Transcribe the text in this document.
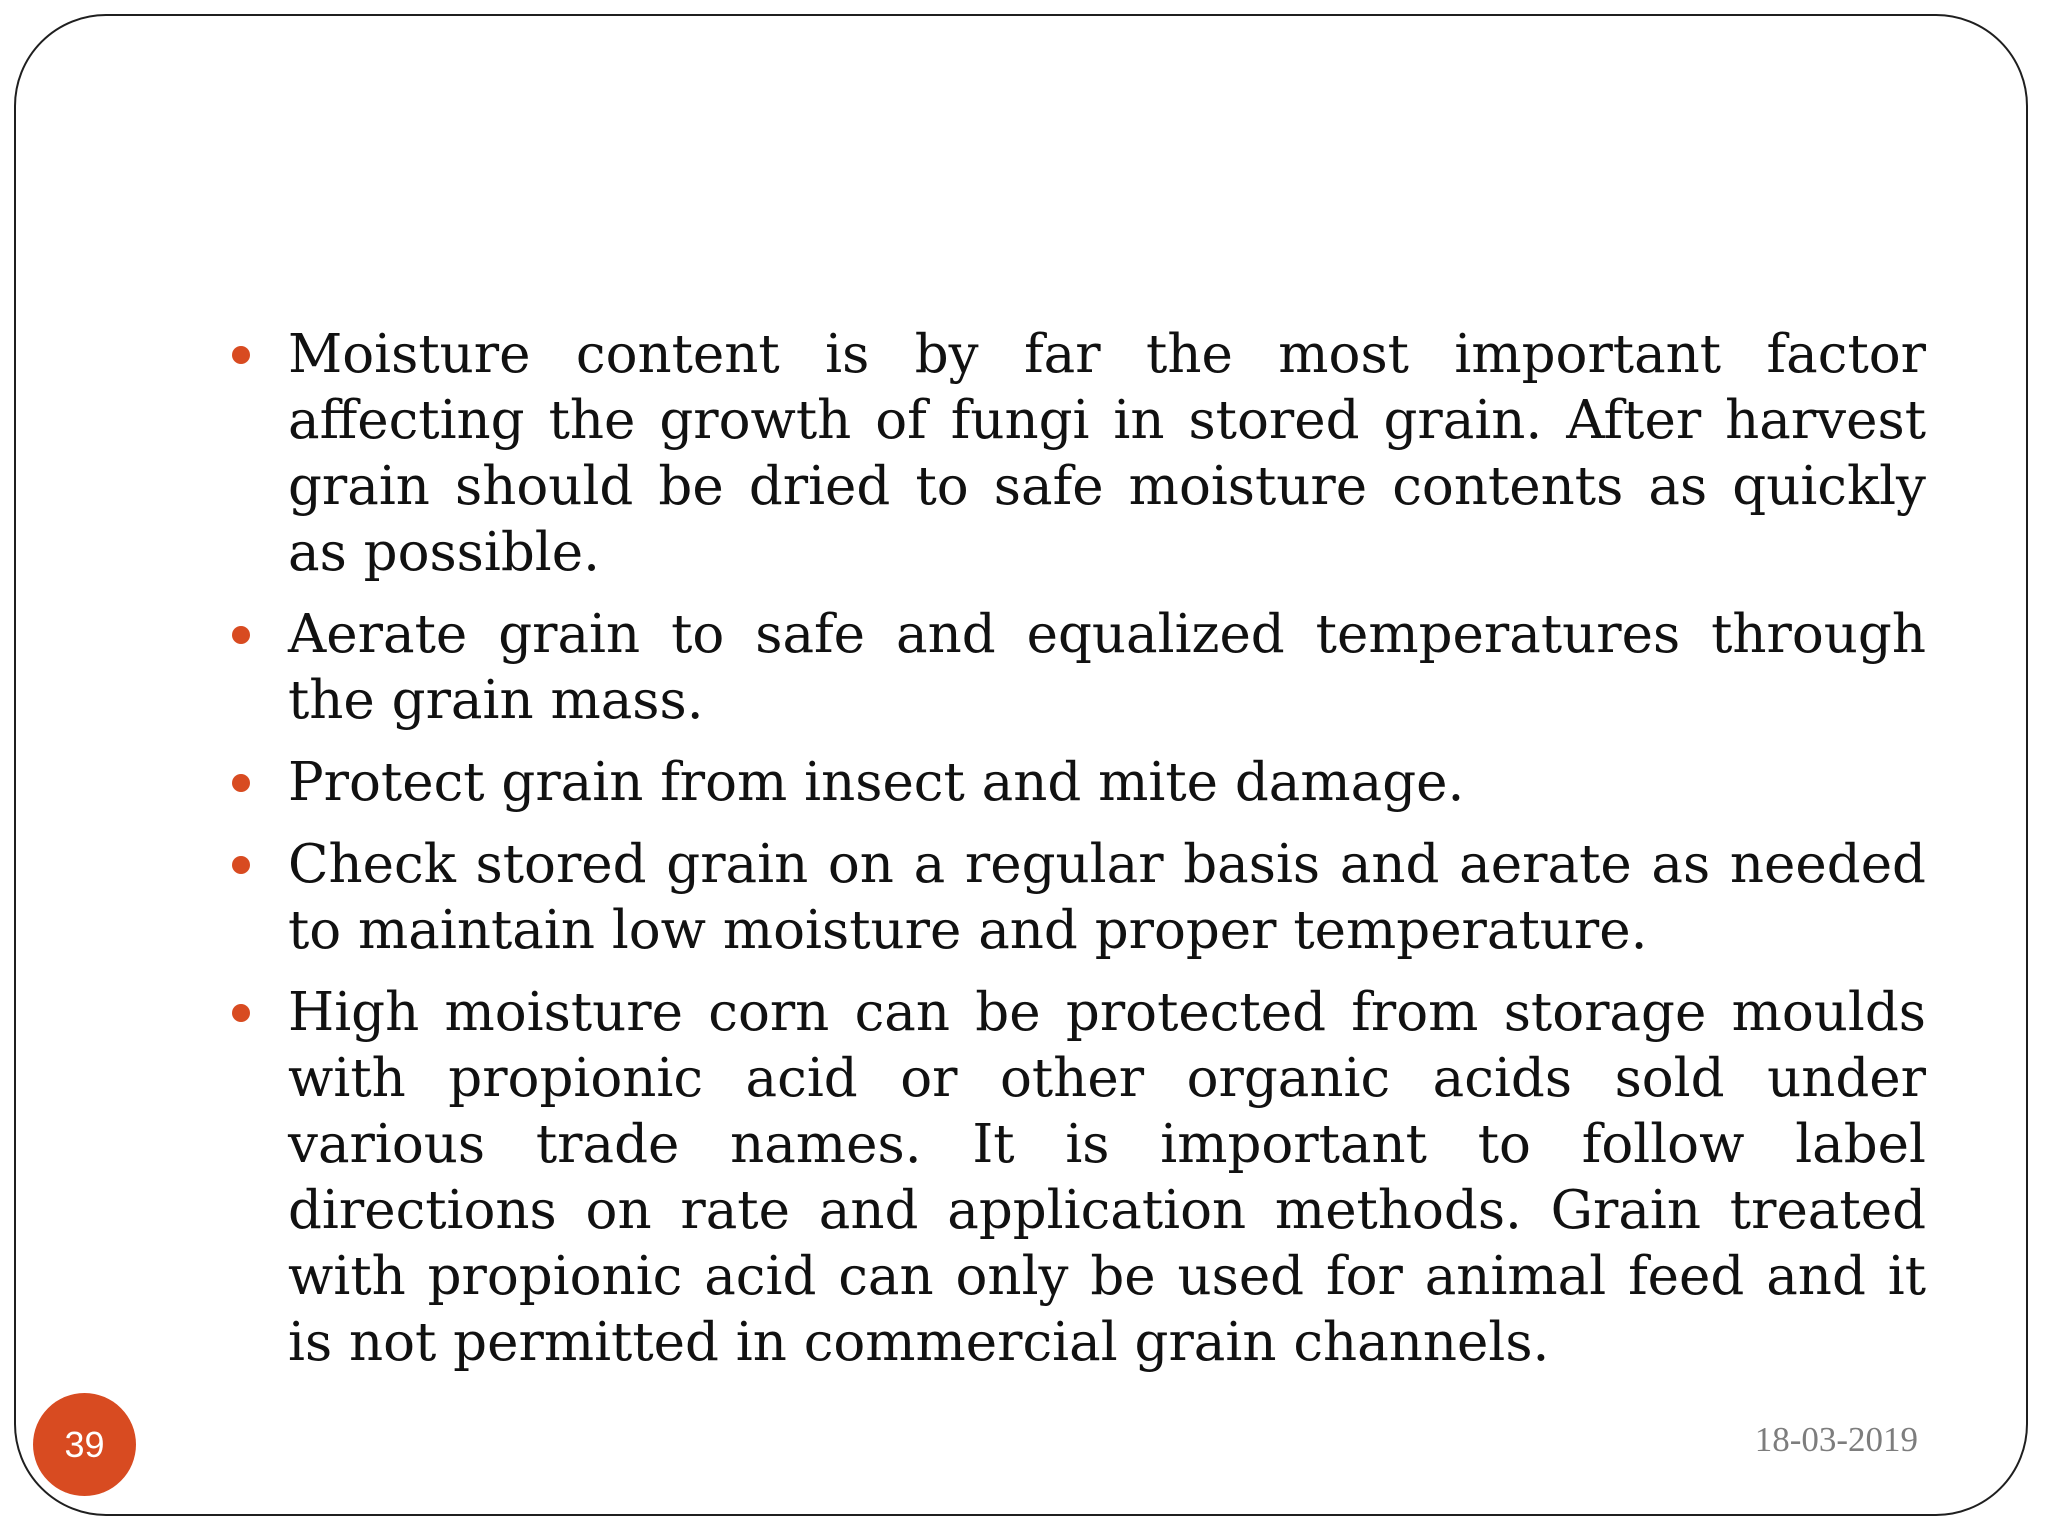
Moisture content is by far the most important factor affecting the growth of fungi in stored grain. After harvest grain should be dried to safe moisture contents as quickly as possible.
Aerate grain to safe and equalized temperatures through the grain mass.
Protect grain from insect and mite damage.
Check stored grain on a regular basis and aerate as needed to maintain low moisture and proper temperature.
High moisture corn can be protected from storage moulds with propionic acid or other organic acids sold under various trade names. It is important to follow label directions on rate and application methods. Grain treated with propionic acid can only be used for animal feed and it is not permitted in commercial grain channels.
39	18-03-2019
